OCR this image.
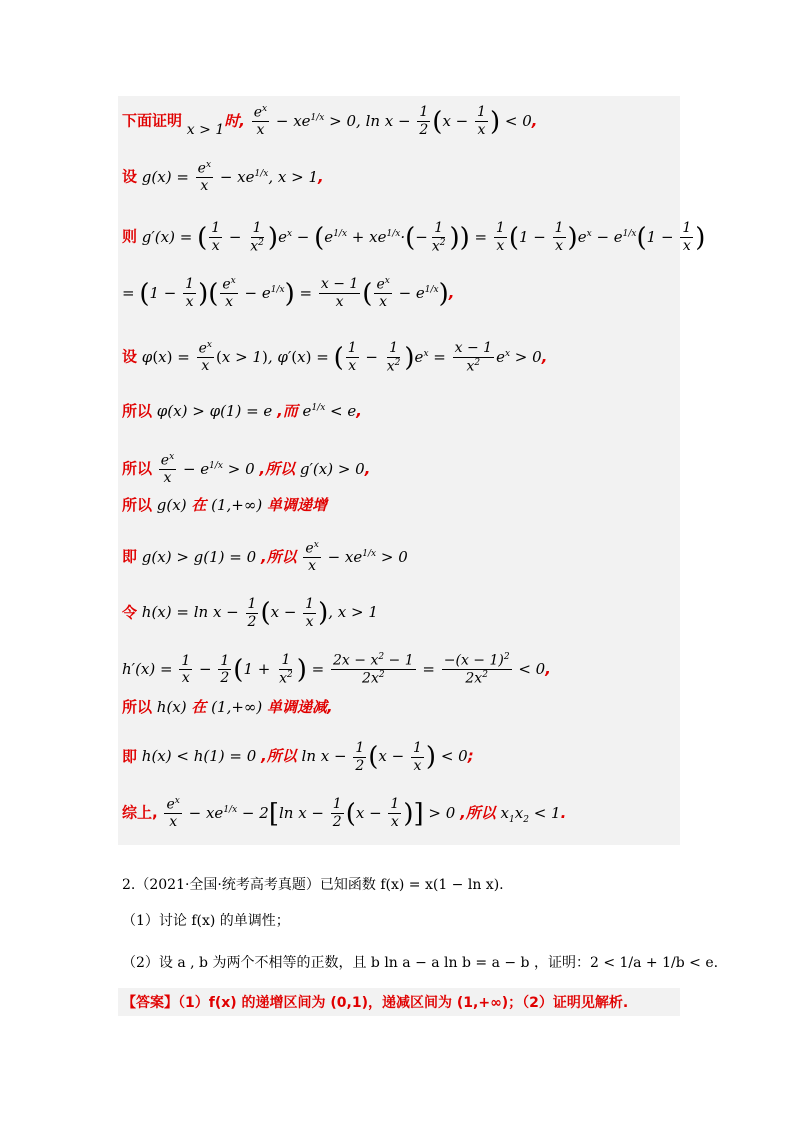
下面证明 $_{x > 1}$时, $\frac{e^x}{x} - xe^{1/x} > 0$, $\ln x - \frac{1}{2} (x - \frac{1}{x}$ ) < 0,
设 $g(x) = \frac{e^x}{x} - xe^{1/x}$, x > 1,
则 g′(x) = ( $\frac{1}{x} - \frac{1}{x^2} )e^x - (e^{1/x} + xe^{1/x}\cdot(- \frac{1}{x^2}$ )) = $\frac{1}{x} (1 - \frac{1}{x} )e^x - e^{1/x}(1 - \frac{1}{x}$ )
= ($1 - \frac{1}{x}$ )( $\frac{e^x}{x} - e^{1/x}) = \frac{x - 1}{x}$ ( $\frac{e^x}{x} - e^{1/x}$),
设 $\varphi(x) = \frac{e^x}{x} (x > 1)$, φ′(x) = ( $\frac{1}{x} - \frac{1}{x^2} )e^x = \frac{x - 1}{x^2} e^x > 0$,
所以 φ(x) > φ(1) = e ,而 $e^{1/x} < e$,
所以 $\frac{e^x}{x} - e^{1/x} > 0$ ,所以 g′(x) > 0,
所以 g(x) 在 (1,+∞) 单调递增
即 g(x) > g(1) = 0 ,所以 $\frac{e^x}{x} - xe^{1/x} > 0$
令 $h(x) = \ln x - \frac{1}{2} (x - \frac{1}{x}$ ), x > 1
$h'(x) = \frac{1}{x} - \frac{1}{2} (1 + \frac{1}{x^2}$ ) = $\frac{2x - x^2 - 1}{2x^2} = \frac{-(x - 1)^2}{2x^2} < 0$,
所以 h(x) 在 (1,+∞) 单调递减,
即 h(x) < h(1) = 0 ,所以 $\ln x - \frac{1}{2} (x - \frac{1}{x}$ ) < 0;
综上, $\frac{e^x}{x} - xe^{1/x} - 2[\ln$ $x - \frac{1}{2} (x - \frac{1}{x}$ )] > 0 ,所以 $x_1x_2 < 1$.
2.（2021·全国·统考高考真题）已知函数 f(x) = x(1 − ln x).
（1）讨论 f(x) 的单调性；
（2）设 a , b 为两个不相等的正数，且 b ln a − a ln b = a − b ，证明：2 < 1/a + 1/b < e.
【答案】（1）f(x) 的递增区间为 (0,1)，递减区间为 (1,+∞)；（2）证明见解析.
